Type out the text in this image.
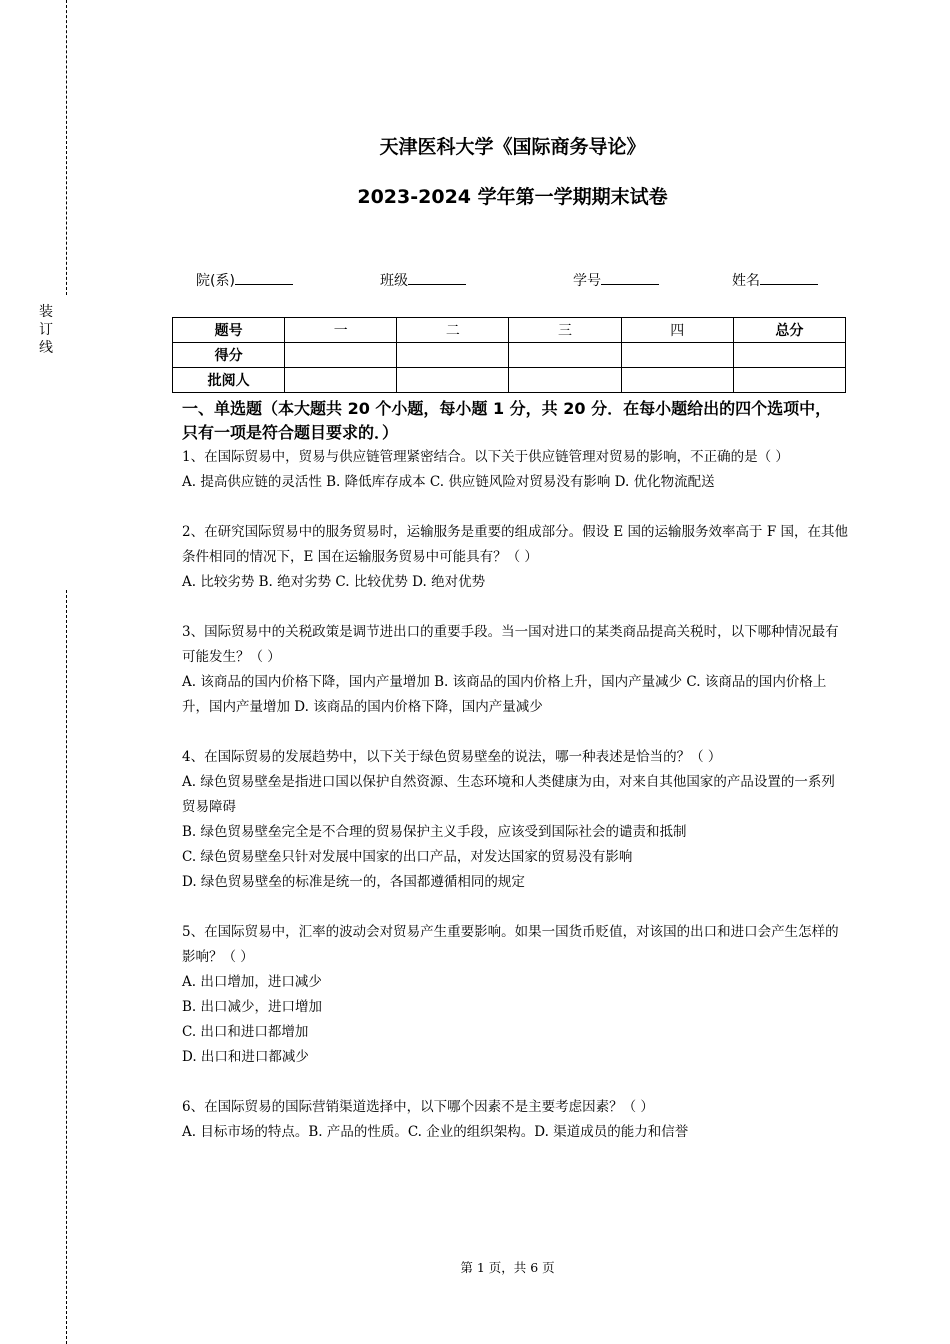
装
订
线
天津医科大学《国际商务导论》
2023-2024 学年第一学期期末试卷
院(系)	班级	学号	姓名
题号	一	二	三	四	总分
得分					
批阅人					
一、单选题（本大题共 20 个小题，每小题 1 分，共 20 分．在每小题给出的四个选项中，只有一项是符合题目要求的．）

1、在国际贸易中，贸易与供应链管理紧密结合。以下关于供应链管理对贸易的影响，不正确的是（ ）

A. 提高供应链的灵活性 B. 降低库存成本 C. 供应链风险对贸易没有影响 D. 优化物流配送

2、在研究国际贸易中的服务贸易时，运输服务是重要的组成部分。假设 E 国的运输服务效率高于 F 国，在其他条件相同的情况下，E 国在运输服务贸易中可能具有？（ ）

A. 比较劣势 B. 绝对劣势 C. 比较优势 D. 绝对优势

3、国际贸易中的关税政策是调节进出口的重要手段。当一国对进口的某类商品提高关税时，以下哪种情况最有可能发生？（ ）

A. 该商品的国内价格下降，国内产量增加 B. 该商品的国内价格上升，国内产量减少 C. 该商品的国内价格上升，国内产量增加 D. 该商品的国内价格下降，国内产量减少

4、在国际贸易的发展趋势中，以下关于绿色贸易壁垒的说法，哪一种表述是恰当的？（ ）

A. 绿色贸易壁垒是指进口国以保护自然资源、生态环境和人类健康为由，对来自其他国家的产品设置的一系列贸易障碍

B. 绿色贸易壁垒完全是不合理的贸易保护主义手段，应该受到国际社会的谴责和抵制

C. 绿色贸易壁垒只针对发展中国家的出口产品，对发达国家的贸易没有影响

D. 绿色贸易壁垒的标准是统一的，各国都遵循相同的规定

5、在国际贸易中，汇率的波动会对贸易产生重要影响。如果一国货币贬值，对该国的出口和进口会产生怎样的影响？（ ）

A. 出口增加，进口减少

B. 出口减少，进口增加

C. 出口和进口都增加

D. 出口和进口都减少

6、在国际贸易的国际营销渠道选择中，以下哪个因素不是主要考虑因素？（ ）

A. 目标市场的特点。B. 产品的性质。C. 企业的组织架构。D. 渠道成员的能力和信誉

第 1 页，共 6 页
